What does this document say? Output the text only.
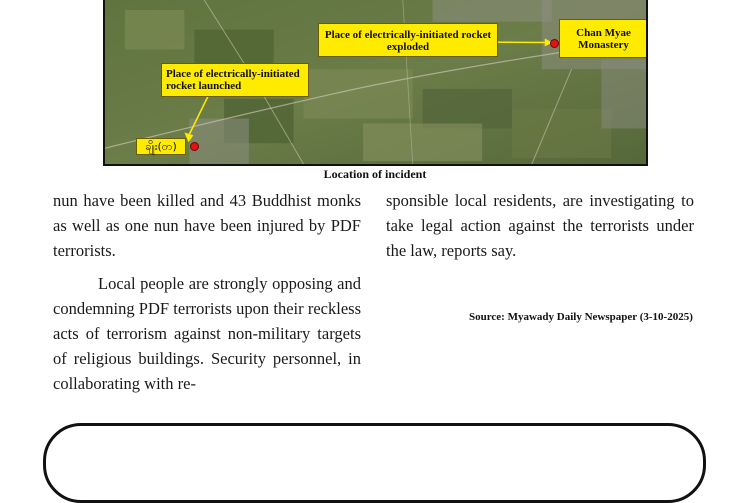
Place of electrically-initiated rocket exploded
Chan Myae Monastery
Place of electrically-initiated rocket launched
ချိုး(တ)
Location of incident

nun have been killed and 43 Buddhist monks as well as one nun have been injured by PDF terrorists.

Local people are strongly opposing and condemning PDF terrorists upon their reckless acts of terrorism against non-military targets of religious buildings. Security personnel, in collaborating with re-

sponsible local residents, are investigating to take legal action against the terrorists under the law, reports say.

Source: Myawady Daily Newspaper (3-10-2025)
